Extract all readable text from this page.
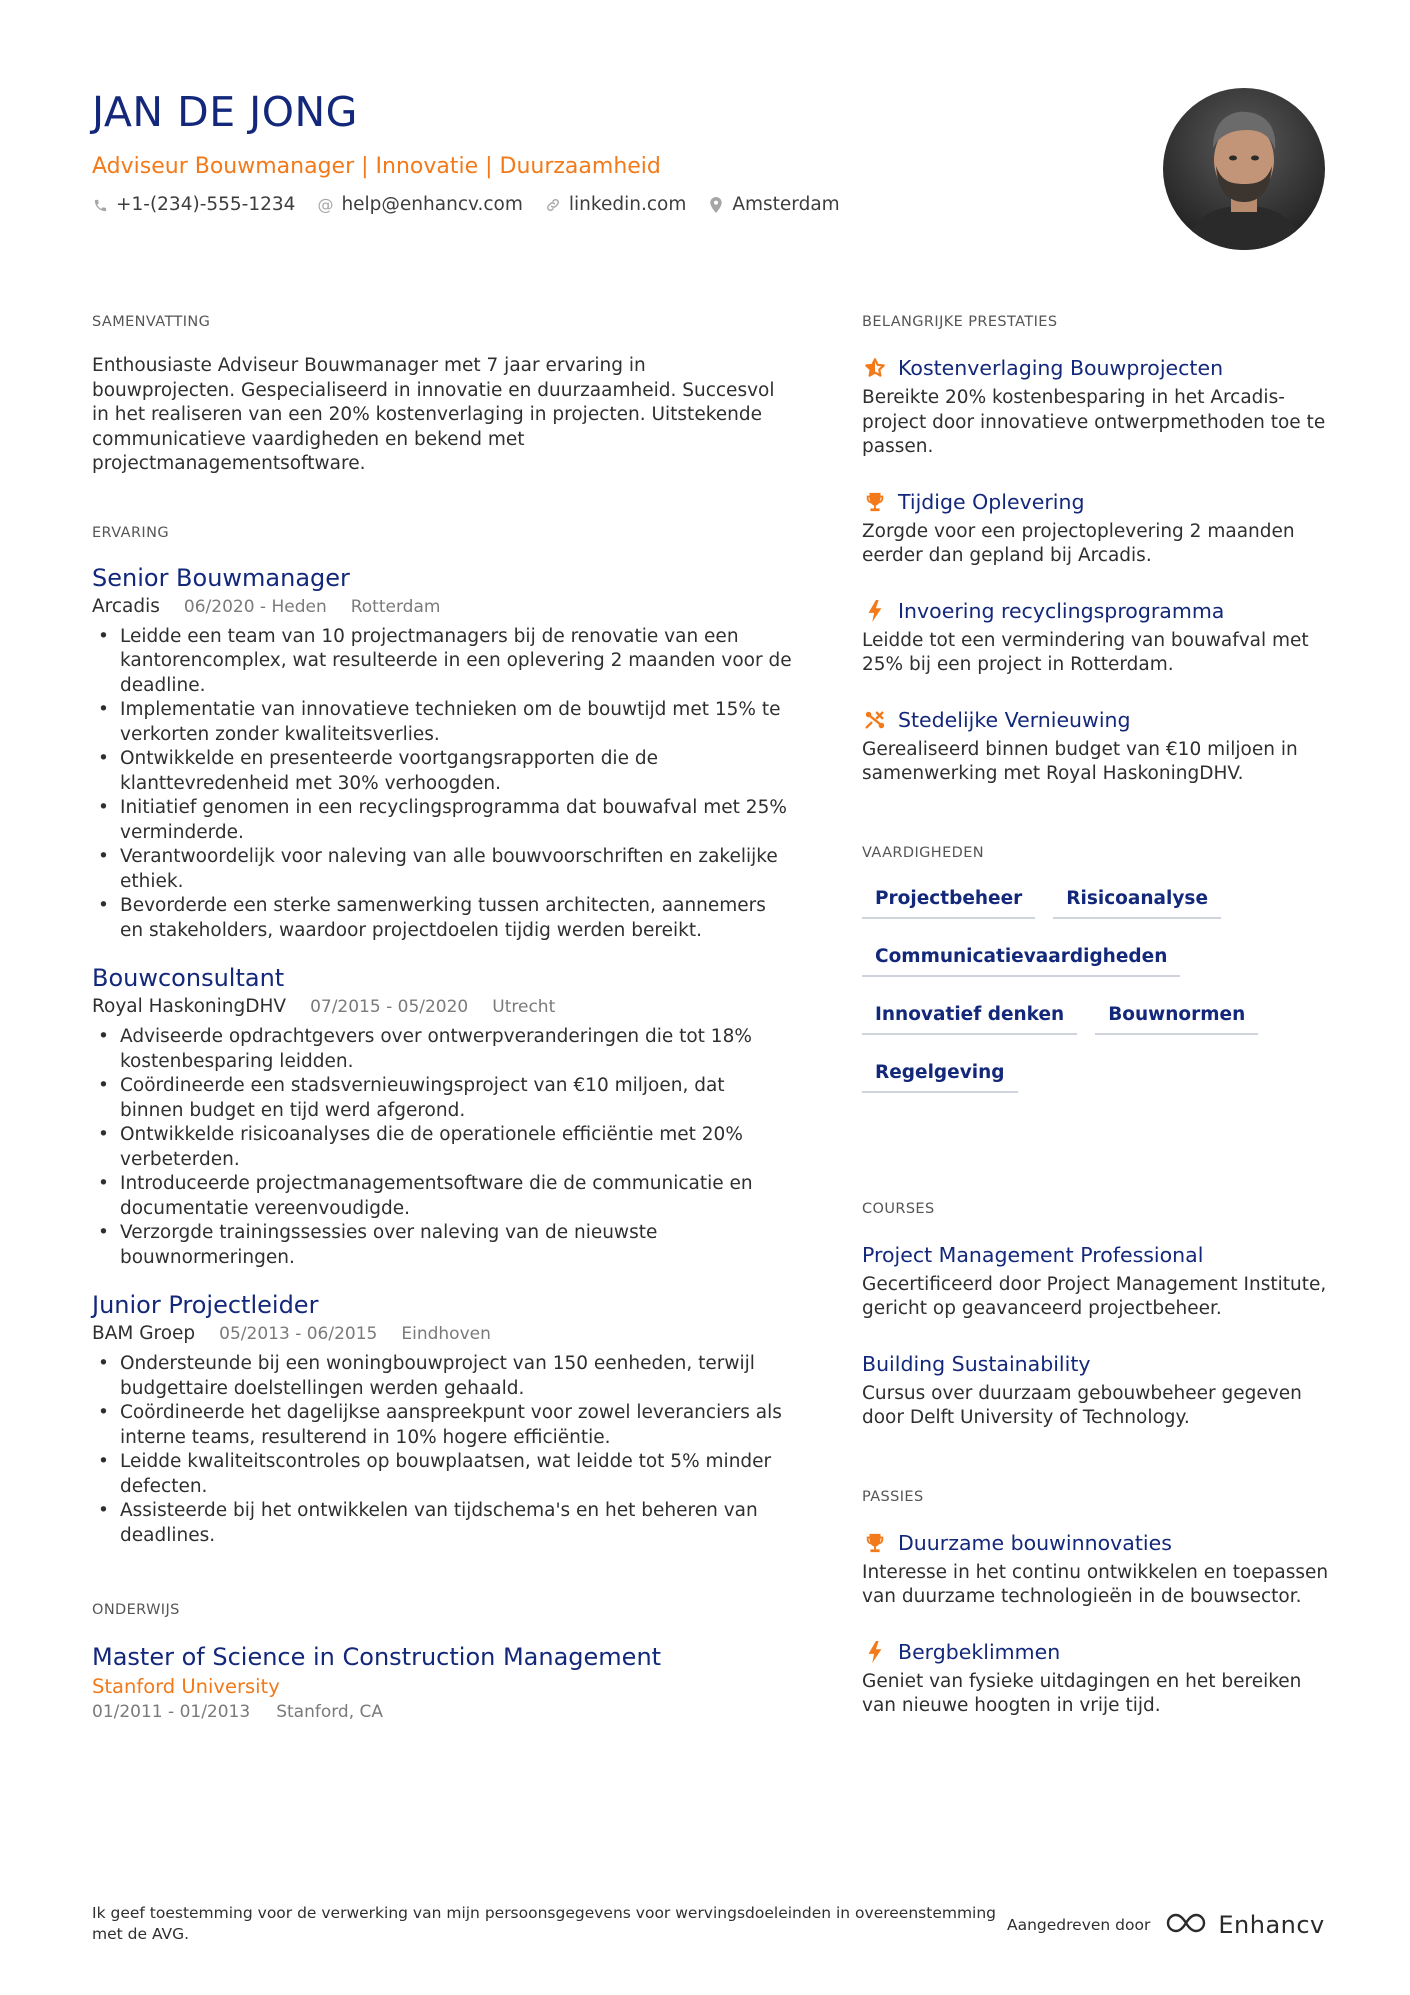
JAN DE JONG
Adviseur Bouwmanager | Innovatie | Duurzaamheid
+1-(234)-555-1234 @ help@enhancv.com linkedin.com Amsterdam
SAMENVATTING
Enthousiaste Adviseur Bouwmanager met 7 jaar ervaring in bouwprojecten. Gespecialiseerd in innovatie en duurzaamheid. Succesvol in het realiseren van een 20% kostenverlaging in projecten. Uitstekende communicatieve vaardigheden en bekend met projectmanagementsoftware.
ERVARING
Senior Bouwmanager
Arcadis 06/2020 - Heden Rotterdam
• Leidde een team van 10 projectmanagers bij de renovatie van een kantorencomplex, wat resulteerde in een oplevering 2 maanden voor de deadline.
• Implementatie van innovatieve technieken om de bouwtijd met 15% te verkorten zonder kwaliteitsverlies.
• Ontwikkelde en presenteerde voortgangsrapporten die de klanttevredenheid met 30% verhoogden.
• Initiatief genomen in een recyclingsprogramma dat bouwafval met 25% verminderde.
• Verantwoordelijk voor naleving van alle bouwvoorschriften en zakelijke ethiek.
• Bevorderde een sterke samenwerking tussen architecten, aannemers en stakeholders, waardoor projectdoelen tijdig werden bereikt.
Bouwconsultant
Royal HaskoningDHV 07/2015 - 05/2020 Utrecht
• Adviseerde opdrachtgevers over ontwerpveranderingen die tot 18% kostenbesparing leidden.
• Coördineerde een stadsvernieuwingsproject van €10 miljoen, dat binnen budget en tijd werd afgerond.
• Ontwikkelde risicoanalyses die de operationele efficiëntie met 20% verbeterden.
• Introduceerde projectmanagementsoftware die de communicatie en documentatie vereenvoudigde.
• Verzorgde trainingssessies over naleving van de nieuwste bouwnormeringen.
Junior Projectleider
BAM Groep 05/2013 - 06/2015 Eindhoven
• Ondersteunde bij een woningbouwproject van 150 eenheden, terwijl budgettaire doelstellingen werden gehaald.
• Coördineerde het dagelijkse aanspreekpunt voor zowel leveranciers als interne teams, resulterend in 10% hogere efficiëntie.
• Leidde kwaliteitscontroles op bouwplaatsen, wat leidde tot 5% minder defecten.
• Assisteerde bij het ontwikkelen van tijdschema's en het beheren van deadlines.
ONDERWIJS
Master of Science in Construction Management
Stanford University
01/2011 - 01/2013 Stanford, CA
BELANGRIJKE PRESTATIES
Kostenverlaging Bouwprojecten
Bereikte 20% kostenbesparing in het Arcadis-project door innovatieve ontwerpmethoden toe te passen.
Tijdige Oplevering
Zorgde voor een projectoplevering 2 maanden eerder dan gepland bij Arcadis.
Invoering recyclingsprogramma
Leidde tot een vermindering van bouwafval met 25% bij een project in Rotterdam.
Stedelijke Vernieuwing
Gerealiseerd binnen budget van €10 miljoen in samenwerking met Royal HaskoningDHV.
VAARDIGHEDEN
Projectbeheer	Risicoanalyse
Communicatievaardigheden
Innovatief denken	Bouwnormen
Regelgeving
COURSES
Project Management Professional
Gecertificeerd door Project Management Institute, gericht op geavanceerd projectbeheer.
Building Sustainability
Cursus over duurzaam gebouwbeheer gegeven door Delft University of Technology.
PASSIES
Duurzame bouwinnovaties
Interesse in het continu ontwikkelen en toepassen van duurzame technologieën in de bouwsector.
Bergbeklimmen
Geniet van fysieke uitdagingen en het bereiken van nieuwe hoogten in vrije tijd.
Ik geef toestemming voor de verwerking van mijn persoonsgegevens voor wervingsdoeleinden in overeenstemming met de AVG.	Aangedreven door	Enhancv
